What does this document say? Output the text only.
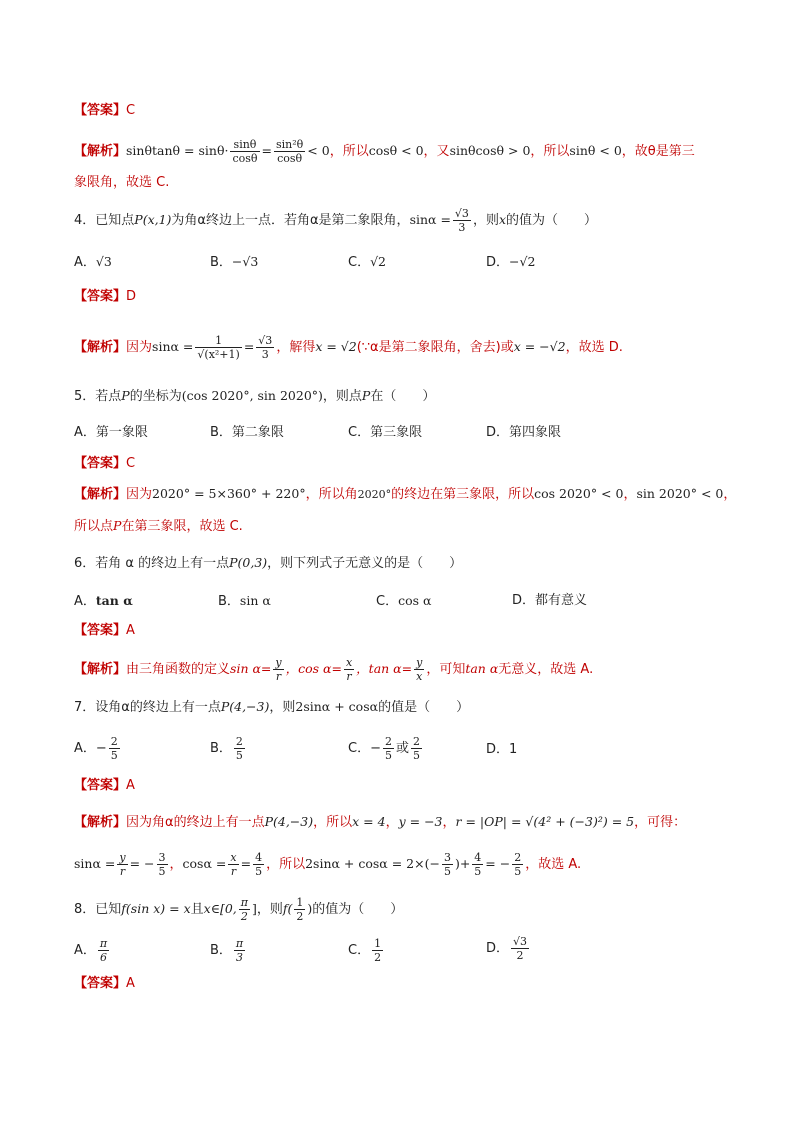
【答案】C
【解析】$\sin\theta\tan\theta = \sin\theta\cdot \frac{\sin\theta}{\cos\theta} = \frac{\text{sin²θ}}{\cos\theta} < 0$，所以cosθ < 0，又sinθcosθ > 0，所以sinθ < 0，故θ是第三
象限角，故选 C.
4．已知点P(x,1)为角α终边上一点．若角α是第二象限角，$\sin\alpha = \frac{√3}{3}$ ，则x的值为（　　）
A．√3	B．−√3	C．√2	D．−√2
【答案】D
【解析】因为$\sin\alpha = \frac{1}{\text{√(x²+1)}} = \frac{√3}{3}$ ，解得x = √2(∵α是第二象限角，舍去)或x = −√2，故选 D.
5．若点P的坐标为(cos 2020°, sin 2020°)，则点P在（　　）
A．第一象限	B．第二象限	C．第三象限	D．第四象限
【答案】C
【解析】因为2020° = 5×360° + 220°，所以角2020°的终边在第三象限，所以cos 2020° < 0，sin 2020° < 0，
所以点P在第三象限，故选 C.
6．若角 α 的终边上有一点P(0,3)，则下列式子无意义的是（　　）
A．tan α	B．sin α	C．cos α	D．都有意义
【答案】A
【解析】由三角函数的定义$\sin \alpha= \frac{y}{r}$ ，$\cos \alpha= \frac{x}{r}$ ，$\tan \alpha= \frac{y}{x}$ ，可知tan α无意义，故选 A.
7．设角α的终边上有一点P(4,−3)，则2sinα + cosα的值是（　　）
A．− $\frac{2}{5}$	B． $\frac{2}{5}$	C．− $\frac{2}{5}$ 或 $\frac{2}{5}$	D．1
【答案】A
【解析】因为角α的终边上有一点P(4,−3)，所以x = 4，y = −3，r = |OP| = √(4² + (−3)²) = 5，可得：
$\sin\alpha = \frac{y}{r}$ = − $\frac{3}{5}$ ，$\cos\alpha = \frac{x}{r} = \frac{4}{5}$ ，所以$2\sin\alpha + \cos\alpha = 2\times(- \frac{3}{5}$ )+ $\frac{4}{5}$ = − $\frac{2}{5}$ ，故选 A.
8．已知f(sin x) = x且x∈[0, $\frac{\pi}{2}$ ]，则$f( \frac{1}{2}$ )的值为（　　）
A． $\frac{\pi}{6}$	B． $\frac{\pi}{3}$	C． $\frac{1}{2}$	D． $\frac{√3}{2}$
【答案】A
